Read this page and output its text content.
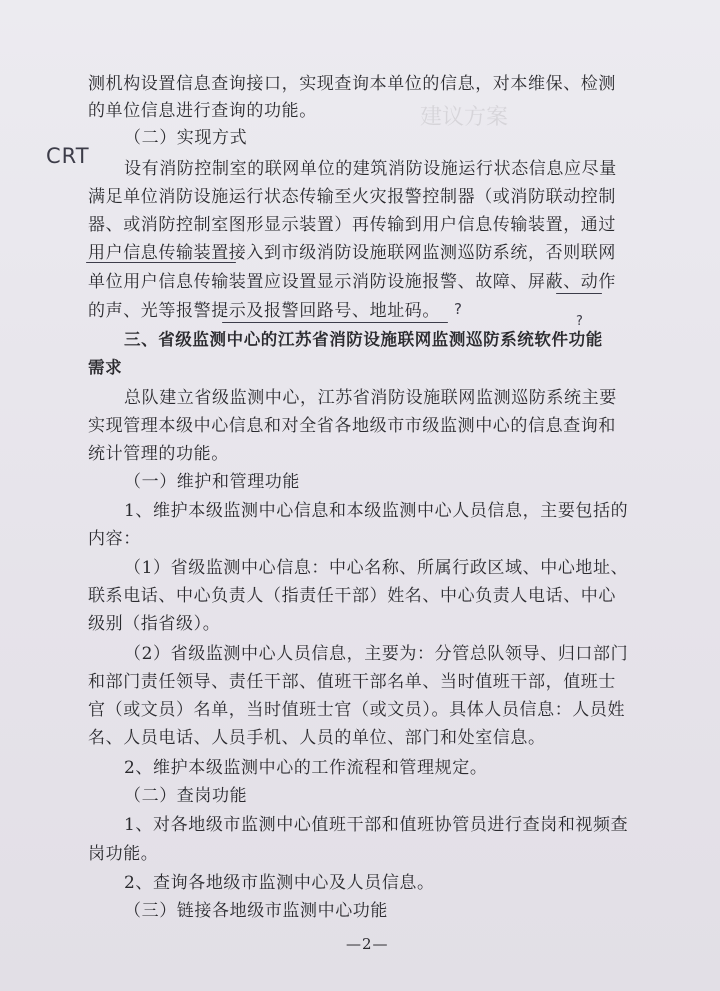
建议方案
CRT
测机构设置信息查询接口，实现查询本单位的信息，对本维保、检测
的单位信息进行查询的功能。
（二）实现方式
设有消防控制室的联网单位的建筑消防设施运行状态信息应尽量
满足单位消防设施运行状态传输至火灾报警控制器（或消防联动控制
器、或消防控制室图形显示装置）再传输到用户信息传输装置，通过
用户信息传输装置接入到市级消防设施联网监测巡防系统，否则联网
单位用户信息传输装置应设置显示消防设施报警、故障、屏蔽、动作
的声、光等报警提示及报警回路号、地址码。 ?
?
三、省级监测中心的江苏省消防设施联网监测巡防系统软件功能
需求
总队建立省级监测中心，江苏省消防设施联网监测巡防系统主要
实现管理本级中心信息和对全省各地级市市级监测中心的信息查询和
统计管理的功能。
（一）维护和管理功能
1、维护本级监测中心信息和本级监测中心人员信息，主要包括的
内容：
（1）省级监测中心信息：中心名称、所属行政区域、中心地址、
联系电话、中心负责人（指责任干部）姓名、中心负责人电话、中心
级别（指省级）。
（2）省级监测中心人员信息，主要为：分管总队领导、归口部门
和部门责任领导、责任干部、值班干部名单、当时值班干部，值班士
官（或文员）名单，当时值班士官（或文员）。具体人员信息：人员姓
名、人员电话、人员手机、人员的单位、部门和处室信息。
2、维护本级监测中心的工作流程和管理规定。
（二）查岗功能
1、对各地级市监测中心值班干部和值班协管员进行查岗和视频查
岗功能。
2、查询各地级市监测中心及人员信息。
（三）链接各地级市监测中心功能
—2—
